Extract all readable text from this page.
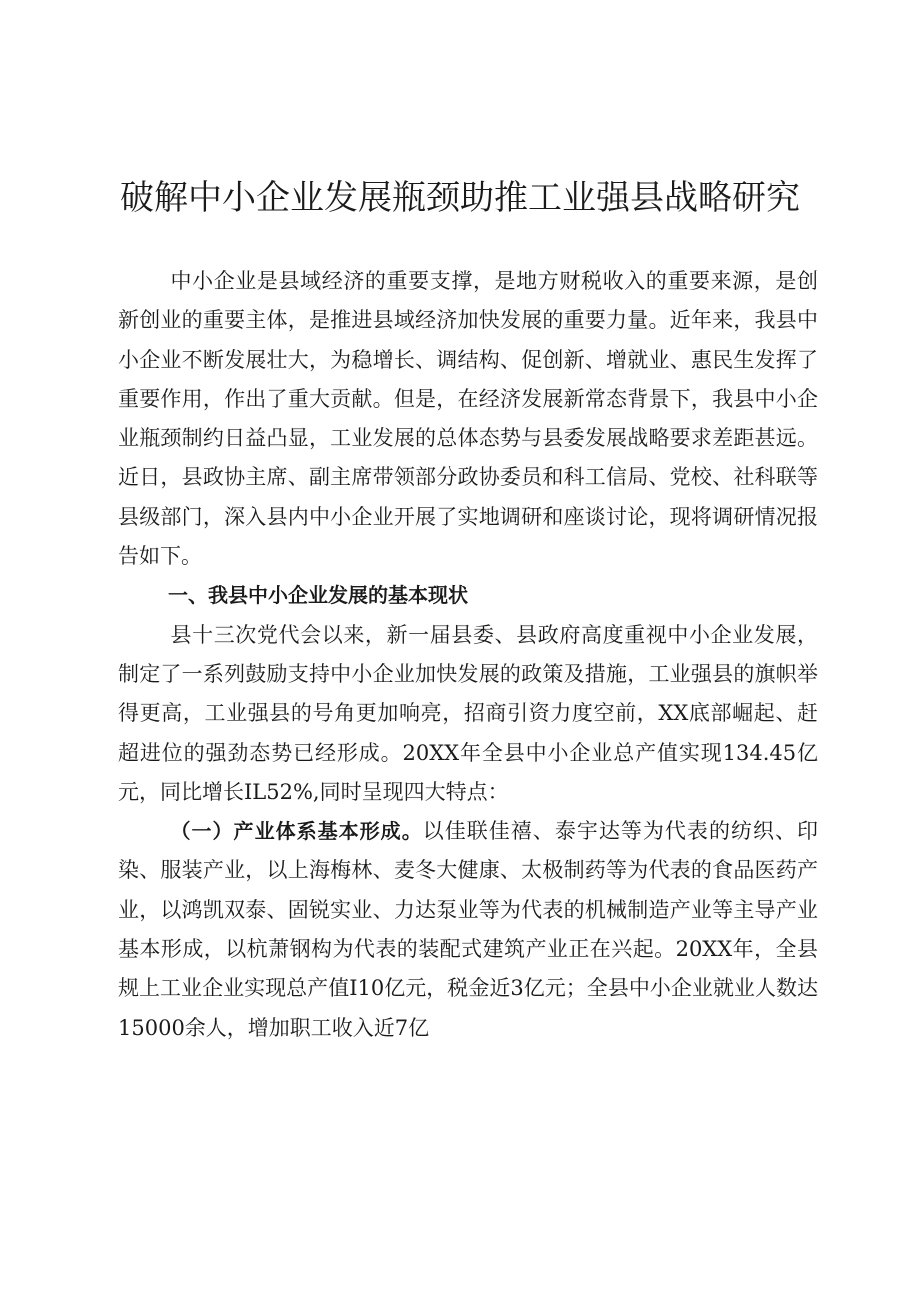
破解中小企业发展瓶颈助推工业强县战略研究

中小企业是县域经济的重要支撑，是地方财税收入的重要来源，是创新创业的重要主体，是推进县域经济加快发展的重要力量。近年来，我县中小企业不断发展壮大，为稳增长、调结构、促创新、增就业、惠民生发挥了重要作用，作出了重大贡献。但是，在经济发展新常态背景下，我县中小企业瓶颈制约日益凸显，工业发展的总体态势与县委发展战略要求差距甚远。近日，县政协主席、副主席带领部分政协委员和科工信局、党校、社科联等县级部门，深入县内中小企业开展了实地调研和座谈讨论，现将调研情况报告如下。

一、我县中小企业发展的基本现状

县十三次党代会以来，新一届县委、县政府高度重视中小企业发展，制定了一系列鼓励支持中小企业加快发展的政策及措施，工业强县的旗帜举得更高，工业强县的号角更加响亮，招商引资力度空前，XX底部崛起、赶超进位的强劲态势已经形成。20XX年全县中小企业总产值实现134.45亿元，同比增长IL52%,同时呈现四大特点：

（一）产业体系基本形成。以佳联佳禧、泰宇达等为代表的纺织、印染、服装产业，以上海梅林、麦冬大健康、太极制药等为代表的食品医药产业，以鸿凯双泰、固锐实业、力达泵业等为代表的机械制造产业等主导产业基本形成，以杭萧钢构为代表的装配式建筑产业正在兴起。20XX年，全县规上工业企业实现总产值I10亿元，税金近3亿元；全县中小企业就业人数达15000余人，增加职工收入近7亿
